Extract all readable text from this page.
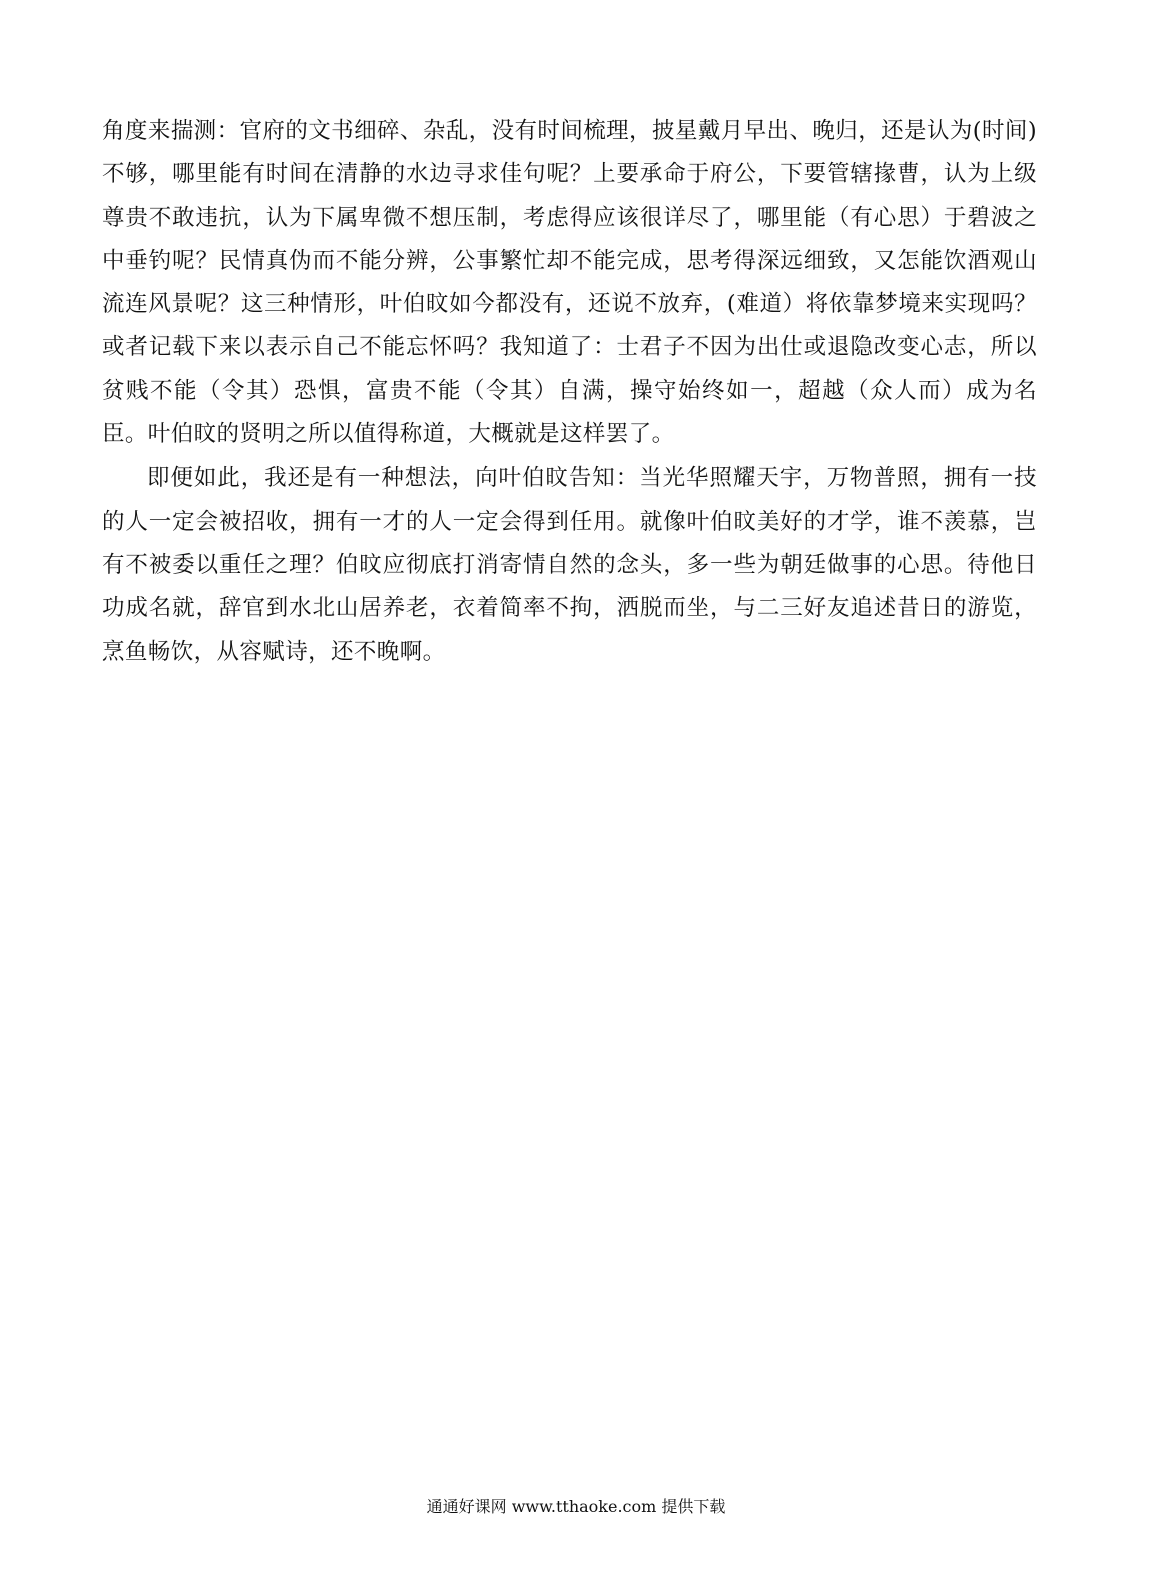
角度来揣测：官府的文书细碎、杂乱，没有时间梳理，披星戴月早出、晚归，还是认为(时间)不够，哪里能有时间在清静的水边寻求佳句呢？上要承命于府公，下要管辖掾曹，认为上级尊贵不敢违抗，认为下属卑微不想压制，考虑得应该很详尽了，哪里能（有心思）于碧波之中垂钓呢？民情真伪而不能分辨，公事繁忙却不能完成，思考得深远细致，又怎能饮酒观山流连风景呢？这三种情形，叶伯旼如今都没有，还说不放弃，(难道）将依靠梦境来实现吗？或者记载下来以表示自己不能忘怀吗？我知道了：士君子不因为出仕或退隐改变心志，所以贫贱不能（令其）恐惧，富贵不能（令其）自满，操守始终如一，超越（众人而）成为名臣。叶伯旼的贤明之所以值得称道，大概就是这样罢了。

即便如此，我还是有一种想法，向叶伯旼告知：当光华照耀天宇，万物普照，拥有一技的人一定会被招收，拥有一才的人一定会得到任用。就像叶伯旼美好的才学，谁不羡慕，岂有不被委以重任之理？伯旼应彻底打消寄情自然的念头，多一些为朝廷做事的心思。待他日功成名就，辞官到水北山居养老，衣着简率不拘，洒脱而坐，与二三好友追述昔日的游览，烹鱼畅饮，从容赋诗，还不晚啊。

通通好课网 www.tthaoke.com 提供下载
